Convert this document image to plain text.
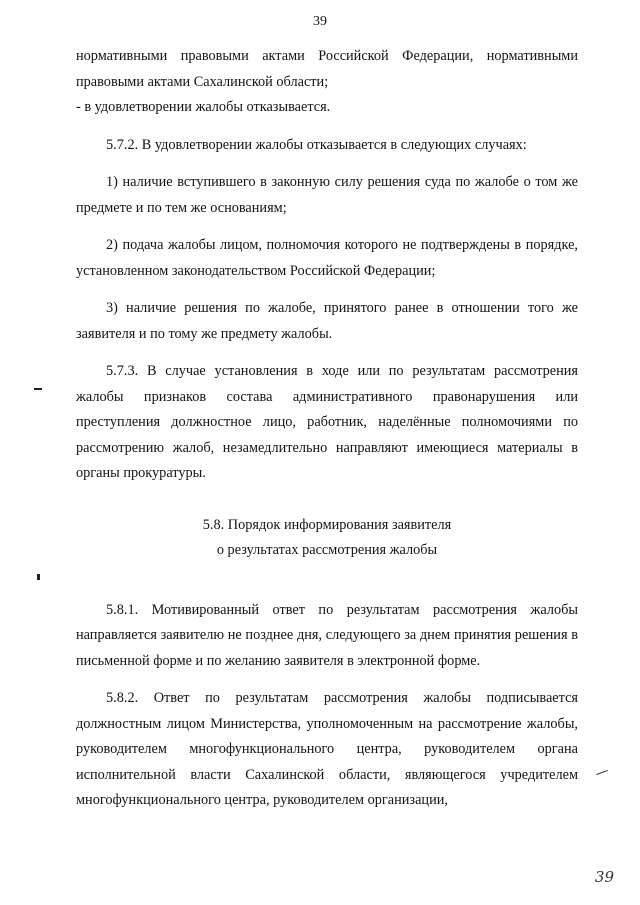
39

нормативными правовыми актами Российской Федерации, нормативными правовыми актами Сахалинской области;

- в удовлетворении жалобы отказывается.

5.7.2. В удовлетворении жалобы отказывается в следующих случаях:

1) наличие вступившего в законную силу решения суда по жалобе о том же предмете и по тем же основаниям;

2) подача жалобы лицом, полномочия которого не подтверждены в порядке, установленном законодательством Российской Федерации;

3) наличие решения по жалобе, принятого ранее в отношении того же заявителя и по тому же предмету жалобы.

5.7.3. В случае установления в ходе или по результатам рассмотрения жалобы признаков состава административного правонарушения или преступления должностное лицо, работник, наделённые полномочиями по рассмотрению жалоб, незамедлительно направляют имеющиеся материалы в органы прокуратуры.

5.8. Порядок информирования заявителя

о результатах рассмотрения жалобы

5.8.1. Мотивированный ответ по результатам рассмотрения жалобы направляется заявителю не позднее дня, следующего за днем принятия решения в письменной форме и по желанию заявителя в электронной форме.

5.8.2. Ответ по результатам рассмотрения жалобы подписывается должностным лицом Министерства, уполномоченным на рассмотрение жалобы, руководителем многофункционального центра, руководителем органа исполнительной власти Сахалинской области, являющегося учредителем многофункционального центра, руководителем организации,

39
